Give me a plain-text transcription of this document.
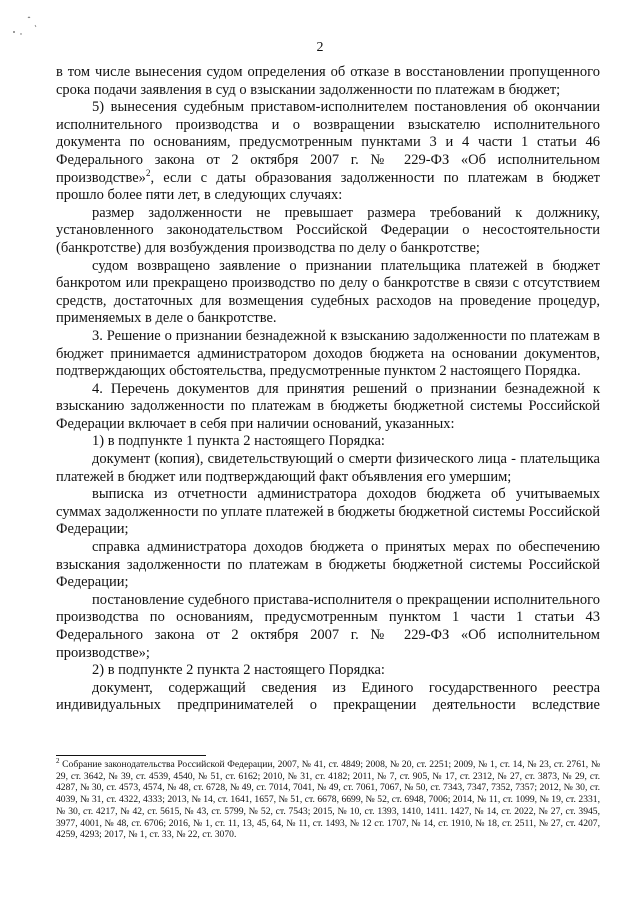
2

в том числе вынесения судом определения об отказе в восстановлении пропущенного срока подачи заявления в суд о взыскании задолженности по платежам в бюджет;

5) вынесения судебным приставом-исполнителем постановления об окончании исполнительного производства и о возвращении взыскателю исполнительного документа по основаниям, предусмотренным пунктами 3 и 4 части 1 статьи 46 Федерального закона от 2 октября 2007 г. № 229-ФЗ «Об исполнительном производстве»$^2$, если с даты образования задолженности по платежам в бюджет прошло более пяти лет, в следующих случаях:

размер задолженности не превышает размера требований к должнику, установленного законодательством Российской Федерации о несостоятельности (банкротстве) для возбуждения производства по делу о банкротстве;

судом возвращено заявление о признании плательщика платежей в бюджет банкротом или прекращено производство по делу о банкротстве в связи с отсутствием средств, достаточных для возмещения судебных расходов на проведение процедур, применяемых в деле о банкротстве.

3. Решение о признании безнадежной к взысканию задолженности по платежам в бюджет принимается администратором доходов бюджета на основании документов, подтверждающих обстоятельства, предусмотренные пунктом 2 настоящего Порядка.

4. Перечень документов для принятия решений о признании безнадежной к взысканию задолженности по платежам в бюджеты бюджетной системы Российской Федерации включает в себя при наличии оснований, указанных:

1) в подпункте 1 пункта 2 настоящего Порядка:

документ (копия), свидетельствующий о смерти физического лица - плательщика платежей в бюджет или подтверждающий факт объявления его умершим;

выписка из отчетности администратора доходов бюджета об учитываемых суммах задолженности по уплате платежей в бюджеты бюджетной системы Российской Федерации;

справка администратора доходов бюджета о принятых мерах по обеспечению взыскания задолженности по платежам в бюджеты бюджетной системы Российской Федерации;

постановление судебного пристава-исполнителя о прекращении исполнительного производства по основаниям, предусмотренным пунктом 1 части 1 статьи 43 Федерального закона от 2 октября 2007 г. № 229-ФЗ «Об исполнительном производстве»;

2) в подпункте 2 пункта 2 настоящего Порядка:

документ, содержащий сведения из Единого государственного реестра индивидуальных предпринимателей о прекращении деятельности вследствие

$^2$ Собрание законодательства Российской Федерации, 2007, № 41, ст. 4849; 2008, № 20, ст. 2251; 2009, № 1, ст. 14, № 23, ст. 2761, № 29, ст. 3642, № 39, ст. 4539, 4540, № 51, ст. 6162; 2010, № 31, ст. 4182; 2011, № 7, ст. 905, № 17, ст. 2312, № 27, ст. 3873, № 29, ст. 4287, № 30, ст. 4573, 4574, № 48, ст. 6728, № 49, ст. 7014, 7041, № 49, ст. 7061, 7067, № 50, ст. 7343, 7347, 7352, 7357; 2012, № 30, ст. 4039, № 31, ст. 4322, 4333; 2013, № 14, ст. 1641, 1657, № 51, ст. 6678, 6699, № 52, ст. 6948, 7006; 2014, № 11, ст. 1099, № 19, ст. 2331, № 30, ст. 4217, № 42, ст. 5615, № 43, ст. 5799, № 52, ст. 7543; 2015, № 10, ст. 1393, 1410, 1411. 1427, № 14, ст. 2022, № 27, ст. 3945, 3977, 4001, № 48, ст. 6706; 2016, № 1, ст. 11, 13, 45, 64, № 11, ст. 1493, № 12 ст. 1707, № 14, ст. 1910, № 18, ст. 2511, № 27, ст. 4207, 4259, 4293; 2017, № 1, ст. 33, № 22, ст. 3070.
